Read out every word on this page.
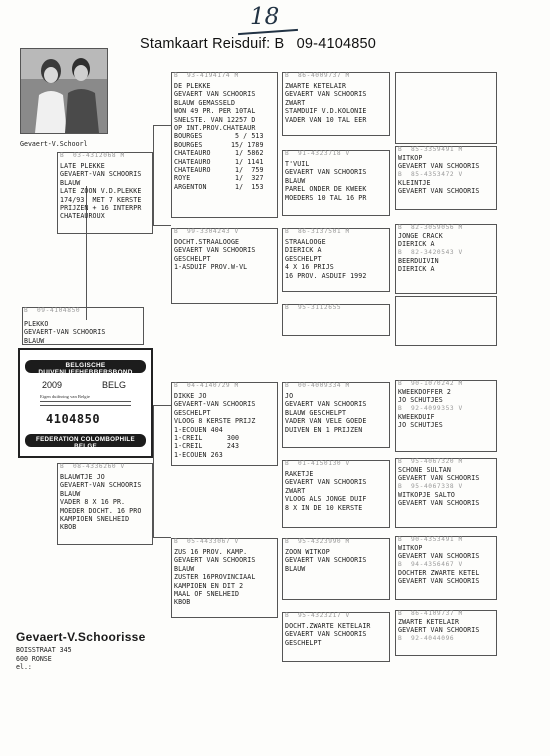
18
Stamkaart Reisduif: B 09-4104850
Gevaert-V.Schoorl
B  09-4104850
PLEKKO
GEVAERT-VAN SCHOORIS
BLAUW
BELGISCHE DUIVENLIEFHEBBERSBOND
2009	BELG
Eigen duifnring van Belgie
4104850
FEDERATION COLOMBOPHILE BELGE
B  03-4312068 M
LATE PLEKKE
GEVAERT-VAN SCHOORIS
BLAUW
LATE ZOON V.D.PLEKKE
174/93  MET 7 KERSTE
PRIJZEN + 16 INTERPR
CHATEAUROUX
B  08-4336260 V
BLAUWTJE JO
GEVAERT-VAN SCHOORIS
BLAUW
VADER 8 X 16 PR.
MOEDER DOCHT. 16 PRO
KAMPIOEN SNELHEID
KBOB
B  93-4194174 M
DE PLEKKE
GEVAERT VAN SCHOORIS
BLAUW GEMASSELD
WON 49 PR. PER 10TAL
SNELSTE. VAN 12257 D
OP INT.PROV.CHATEAUR
BOURGES        5 / 513
BOURGES       15/ 1789
CHATEAURO      1/ 5862
CHATEAURO      1/ 1141
CHATEAURO      1/  759
ROYE           1/  327
ARGENTON       1/  153
B  99-3304243 V
DOCHT.STRAALOOGE
GEVAERT VAN SCHOORIS
GESCHELPT
1-ASDUIF PROV.W-VL
B  04-4140729 M
DIKKE JO
GEVAERT-VAN SCHOORIS
GESCHELPT
VLOOG 8 KERSTE PRIJZ
1-ECOUEN 404
1-CREIL      300
1-CREIL      243
1-ECOUEN 263
B  05-4433067 V
ZUS 16 PROV. KAMP.
GEVAERT VAN SCHOORIS
BLAUW
ZUSTER 16PROVINCIAAL
KAMPIOEN EN DIT 2
MAAL OF SNELHEID
KBOB
B  86-4009737 M
ZWARTE KETELAIR
GEVAERT VAN SCHOORIS
ZWART
STAMDUIF V.D.KOLONIE
VADER VAN 10 TAL EER
B  91-4323718 V
T'VUIL
GEVAERT VAN SCHOORIS
BLAUW
PAREL ONDER DE KWEEK
MOEDERS 10 TAL 16 PR
B  86-3137501 M
STRAALOOGE
DIERICK A
GESCHELPT
4 X 16 PRIJS
16 PROV. ASDUIF 1992
B  95-3112655
B  00-4009334 M
JO
GEVAERT VAN SCHOORIS
BLAUW GESCHELPT
VADER VAN VELE GOEDE
DUIVEN EN 1 PRIJZEN
B  01-4150130 V
RAKETJE
GEVAERT VAN SCHOORIS
ZWART
VLOOG ALS JONGE DUIF
8 X IN DE 10 KERSTE
B  95-4323990 M
ZOON WITKOP
GEVAERT VAN SCHOORIS
BLAUW
B  95-4323217 V
DOCHT.ZWARTE KETELAIR
GEVAERT VAN SCHOORIS
GESCHELPT
B  85-3359491 M
WITKOP
GEVAERT VAN SCHOORIS
B  85-4353472 V
KLEINTJE
GEVAERT VAN SCHOORIS
B  82-3059056 M
JONGE CRACK
DIERICK A
B  82-3420543 V
BEERDUIVIN
DIERICK A
B  90-1070242 M
KWEEKDOFFER 2
JO SCHUTJES
B  92-4099353 V
KWEEKDUIF
JO SCHUTJES
B  95-4067320 M
SCHONE SULTAN
GEVAERT VAN SCHOORIS
B  95-4067338 V
WITKOPJE SALTO
GEVAERT VAN SCHOORIS
B  90-4353491 M
WITKOP
GEVAERT VAN SCHOORIS
B  94-4356467 V
DOCHTER ZWARTE KETEL
GEVAERT VAN SCHOORIS
B  86-4109737 M
ZWARTE KETELAIR
GEVAERT VAN SCHOORIS
B  92-4044096
Gevaert-V.Schoorisse
BOISSTRAAT 345
600 RONSE
el.:
